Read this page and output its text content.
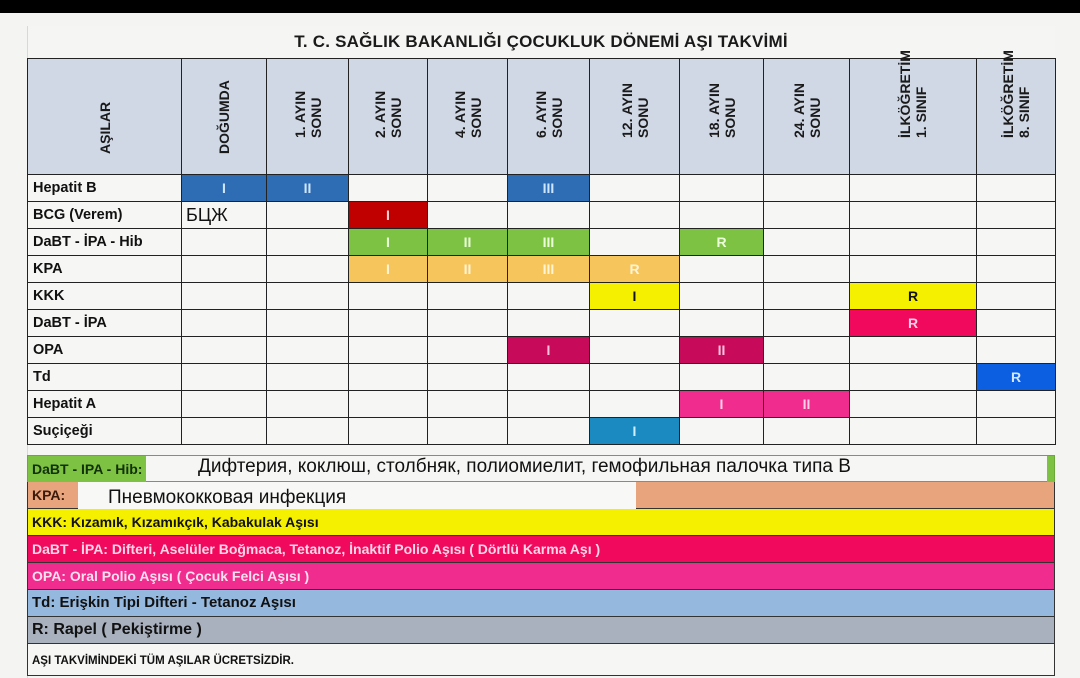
T. C. SAĞLIK BAKANLIĞI ÇOCUKLUK DÖNEMİ AŞI TAKVİMİ
AŞILAR	DOĞUMDA	1. AYIN SONU	2. AYIN SONU	4. AYIN SONU	6. AYIN SONU	12. AYIN SONU	18. AYIN SONU	24. AYIN SONU	İLKÖĞRETİM 1. SINIF	İLKÖĞRETİM 8. SINIF

Hepatit B	I	II			III					
BCG (Verem)	БЦЖ		I							
DaBT - İPA - Hib			I	II	III		R			
KPA			I	II	III	R				
KKK						I			R	
DaBT - İPA									R	
OPA					I		II			
Td										R
Hepatit A							I	II		
Suçiçeği						I				
DaBT - IPA - Hib:	Дифтерия, коклюш, столбняк, полиомиелит, гемофильная палочка типа B
KPA: Пневмококковая инфекция
KKK: Kızamık, Kızamıkçık, Kabakulak Aşısı
DaBT - İPA: Difteri, Aselüler Boğmaca, Tetanoz, İnaktif Polio Aşısı ( Dörtlü Karma Aşı )
OPA: Oral Polio Aşısı ( Çocuk Felci Aşısı )
Td: Erişkin Tipi Difteri - Tetanoz Aşısı
R: Rapel ( Pekiştirme )
AŞI TAKVİMİNDEKİ TÜM AŞILAR ÜCRETSİZDİR.
